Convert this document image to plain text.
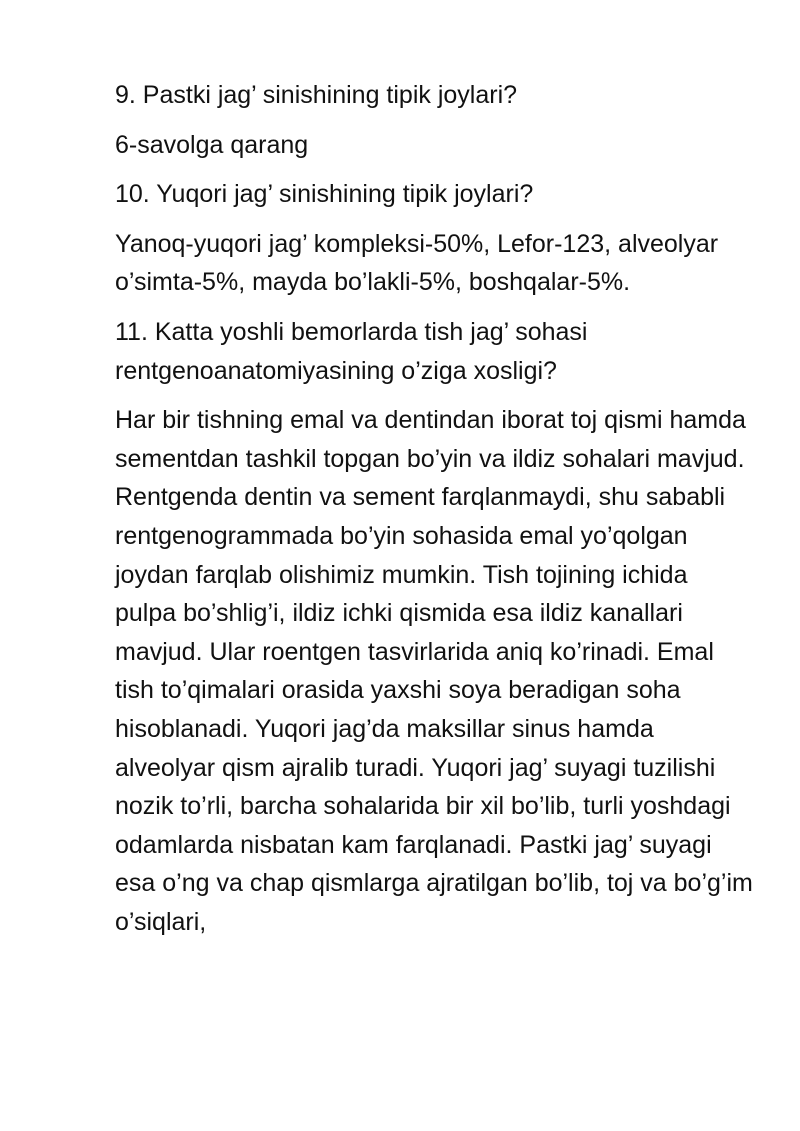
9. Pastki jag’ sinishining tipik joylari?

6-savolga qarang

10. Yuqori jag’ sinishining tipik joylari?

Yanoq-yuqori jag’ kompleksi-50%, Lefor-123, alveolyar o’simta-5%, mayda bo’lakli-5%, boshqalar-5%.

11. Katta yoshli bemorlarda tish jag’ sohasi rentgenoanatomiyasining o’ziga xosligi?

Har bir tishning emal va dentindan iborat toj qismi hamda sementdan tashkil topgan bo’yin va ildiz sohalari mavjud. Rentgenda dentin va sement farqlanmaydi, shu sababli rentgenogrammada bo’yin sohasida emal yo’qolgan joydan farqlab olishimiz mumkin. Tish tojining ichida pulpa bo’shlig’i, ildiz ichki qismida esa ildiz kanallari mavjud. Ular roentgen tasvirlarida aniq ko’rinadi. Emal tish to’qimalari orasida yaxshi soya beradigan soha hisoblanadi. Yuqori jag’da maksillar sinus hamda alveolyar qism ajralib turadi. Yuqori jag’ suyagi tuzilishi nozik to’rli, barcha sohalarida bir xil bo’lib, turli yoshdagi odamlarda nisbatan kam farqlanadi. Pastki jag’ suyagi esa o’ng va chap qismlarga ajratilgan bo’lib, toj va bo’g’im o’siqlari,
